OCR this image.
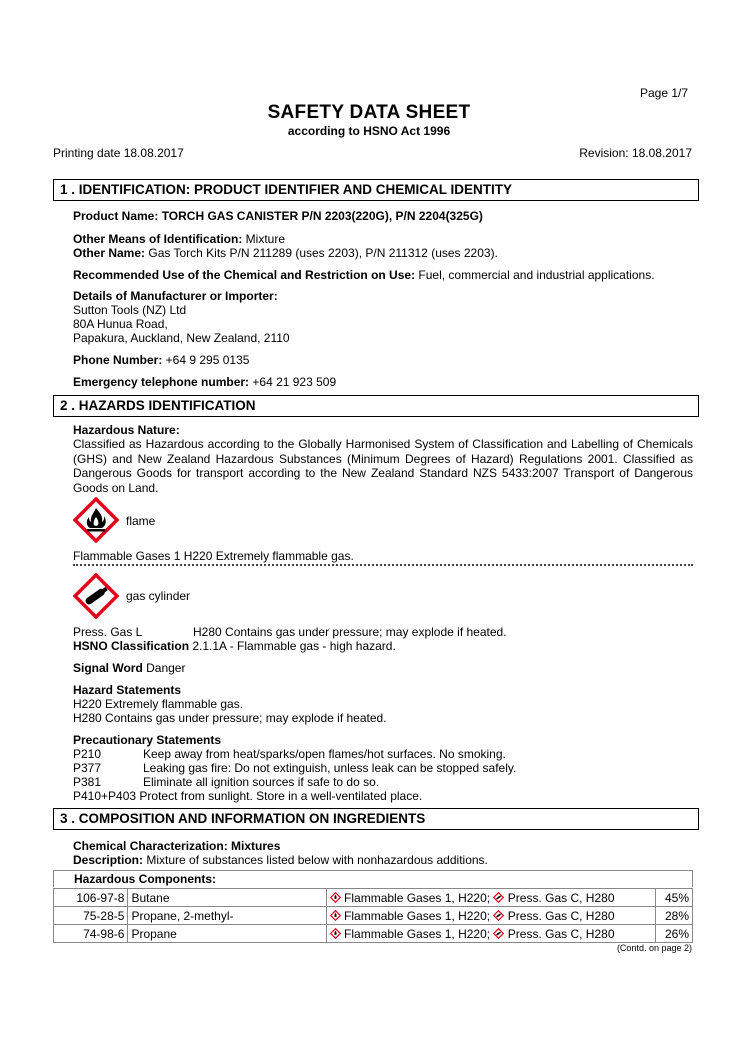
Page 1/7
SAFETY DATA SHEET
according to HSNO Act 1996
Printing date 18.08.2017	Revision: 18.08.2017
1 . IDENTIFICATION: PRODUCT IDENTIFIER AND CHEMICAL IDENTITY
Product Name: TORCH GAS CANISTER P/N 2203(220G), P/N 2204(325G)
Other Means of Identification: Mixture
Other Name: Gas Torch Kits P/N 211289 (uses 2203), P/N 211312 (uses 2203).
Recommended Use of the Chemical and Restriction on Use: Fuel, commercial and industrial applications.
Details of Manufacturer or Importer:
Sutton Tools (NZ) Ltd
80A Hunua Road,
Papakura, Auckland, New Zealand, 2110
Phone Number: +64 9 295 0135
Emergency telephone number: +64 21 923 509
2 . HAZARDS IDENTIFICATION
Hazardous Nature:
Classified as Hazardous according to the Globally Harmonised System of Classification and Labelling of Chemicals (GHS) and New Zealand Hazardous Substances (Minimum Degrees of Hazard) Regulations 2001. Classified as Dangerous Goods for transport according to the New Zealand Standard NZS 5433:2007 Transport of Dangerous Goods on Land.
flame
Flammable Gases 1 H220 Extremely flammable gas.
gas cylinder
Press. Gas L	H280 Contains gas under pressure; may explode if heated.
HSNO Classification 2.1.1A - Flammable gas - high hazard.
Signal Word Danger
Hazard Statements
H220 Extremely flammable gas.
H280 Contains gas under pressure; may explode if heated.
Precautionary Statements
P210	Keep away from heat/sparks/open flames/hot surfaces. No smoking.
P377	Leaking gas fire: Do not extinguish, unless leak can be stopped safely.
P381	Eliminate all ignition sources if safe to do so.
P410+P403 Protect from sunlight. Store in a well-ventilated place.
3 . COMPOSITION AND INFORMATION ON INGREDIENTS
Chemical Characterization: Mixtures
Description: Mixture of substances listed below with nonhazardous additions.
Hazardous Components:
106-97-8	Butane	Flammable Gases 1, H220; Press. Gas C, H280	45%
75-28-5	Propane, 2-methyl-	Flammable Gases 1, H220; Press. Gas C, H280	28%
74-98-6	Propane	Flammable Gases 1, H220; Press. Gas C, H280	26%
(Contd. on page 2)
